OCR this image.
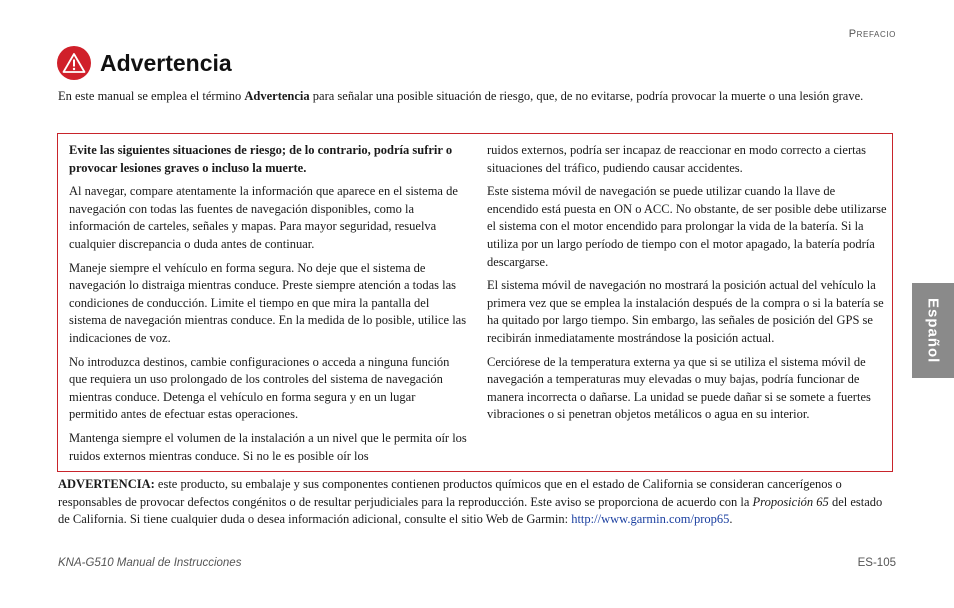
Prefacio
Advertencia

En este manual se emplea el término Advertencia para señalar una posible situación de riesgo, que, de no evitarse, podría provocar la muerte o una lesión grave.

Evite las siguientes situaciones de riesgo; de lo contrario, podría sufrir o provocar lesiones graves o incluso la muerte.

Al navegar, compare atentamente la información que aparece en el sistema de navegación con todas las fuentes de navegación disponibles, como la información de carteles, señales y mapas. Para mayor seguridad, resuelva cualquier discrepancia o duda antes de continuar.

Maneje siempre el vehículo en forma segura. No deje que el sistema de navegación lo distraiga mientras conduce. Preste siempre atención a todas las condiciones de conducción. Limite el tiempo en que mira la pantalla del sistema de navegación mientras conduce. En la medida de lo posible, utilice las indicaciones de voz.

No introduzca destinos, cambie configuraciones o acceda a ninguna función que requiera un uso prolongado de los controles del sistema de navegación mientras conduce. Detenga el vehículo en forma segura y en un lugar permitido antes de efectuar estas operaciones.

Mantenga siempre el volumen de la instalación a un nivel que le permita oír los ruidos externos mientras conduce. Si no le es posible oír los

ruidos externos, podría ser incapaz de reaccionar en modo correcto a ciertas situaciones del tráfico, pudiendo causar accidentes.

Este sistema móvil de navegación se puede utilizar cuando la llave de encendido está puesta en ON o ACC. No obstante, de ser posible debe utilizarse el sistema con el motor encendido para prolongar la vida de la batería. Si la utiliza por un largo período de tiempo con el motor apagado, la batería podría descargarse.

El sistema móvil de navegación no mostrará la posición actual del vehículo la primera vez que se emplea la instalación después de la compra o si la batería se ha quitado por largo tiempo. Sin embargo, las señales de posición del GPS se recibirán inmediatamente mostrándose la posición actual.

Cerciórese de la temperatura externa ya que si se utiliza el sistema móvil de navegación a temperaturas muy elevadas o muy bajas, podría funcionar de manera incorrecta o dañarse. La unidad se puede dañar si se somete a fuertes vibraciones o si penetran objetos metálicos o agua en su interior.

ADVERTENCIA: este producto, su embalaje y sus componentes contienen productos químicos que en el estado de California se consideran cancerígenos o responsables de provocar defectos congénitos o de resultar perjudiciales para la reproducción. Este aviso se proporciona de acuerdo con la Proposición 65 del estado de California. Si tiene cualquier duda o desea información adicional, consulte el sitio Web de Garmin: http://www.garmin.com/prop65.

KNA-G510 Manual de Instrucciones	ES-105
Español
